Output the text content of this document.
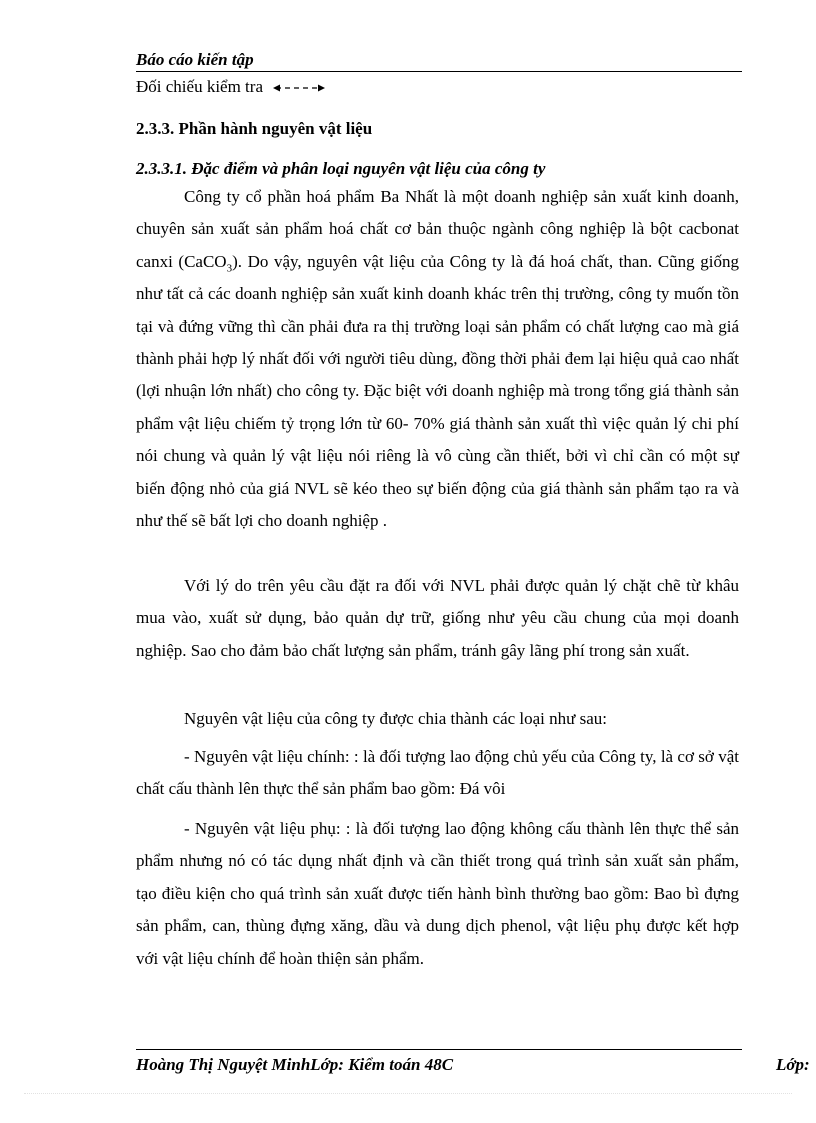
Báo cáo kiến tập
Đối chiếu kiểm tra
2.3.3. Phần hành nguyên vật liệu
2.3.3.1. Đặc điểm và phân loại nguyên vật liệu của công ty

Công ty cổ phần hoá phẩm Ba Nhất là một doanh nghiệp sản xuất kinh doanh, chuyên sản xuất sản phẩm hoá chất cơ bản thuộc ngành công nghiệp là bột cacbonat canxi (CaCO$_3$). Do vậy, nguyên vật liệu của Công ty là đá hoá chất, than. Cũng giống như tất cả các doanh nghiệp sản xuất kinh doanh khác trên thị trường, công ty muốn tồn tại và đứng vững thì cần phải đưa ra thị trường loại sản phẩm có chất lượng cao mà giá thành phải hợp lý nhất đối với người tiêu dùng, đồng thời phải đem lại hiệu quả cao nhất (lợi nhuận lớn nhất) cho công ty. Đặc biệt với doanh nghiệp mà trong tổng giá thành sản phẩm vật liệu chiếm tỷ trọng lớn từ 60- 70% giá thành sản xuất thì việc quản lý chi phí nói chung và quản lý vật liệu nói riêng là vô cùng cần thiết, bởi vì chỉ cần có một sự biến động nhỏ của giá NVL sẽ kéo theo sự biến động của giá thành sản phẩm tạo ra và như thế sẽ bất lợi cho doanh nghiệp .

Với lý do trên yêu cầu đặt ra đối với NVL phải được quản lý chặt chẽ từ khâu mua vào, xuất sử dụng, bảo quản dự trữ, giống như yêu cầu chung của mọi doanh nghiệp. Sao cho đảm bảo chất lượng sản phẩm, tránh gây lãng phí trong sản xuất.

Nguyên vật liệu của công ty được chia thành các loại như sau:

- Nguyên vật liệu chính: : là đối tượng lao động chủ yếu của Công ty, là cơ sở vật chất cấu thành lên thực thể sản phẩm bao gồm: Đá vôi

- Nguyên vật liệu phụ: : là đối tượng lao động không cấu thành lên thực thể sản phẩm nhưng nó có tác dụng nhất định và cần thiết trong quá trình sản xuất sản phẩm, tạo điều kiện cho quá trình sản xuất được tiến hành bình thường bao gồm: Bao bì đựng sản phẩm, can, thùng đựng xăng, dầu và dung dịch phenol, vật liệu phụ được kết hợp với vật liệu chính để hoàn thiện sản phẩm.

Hoàng Thị Nguyệt MinhLớp: Kiểm toán 48C	Lớp:
